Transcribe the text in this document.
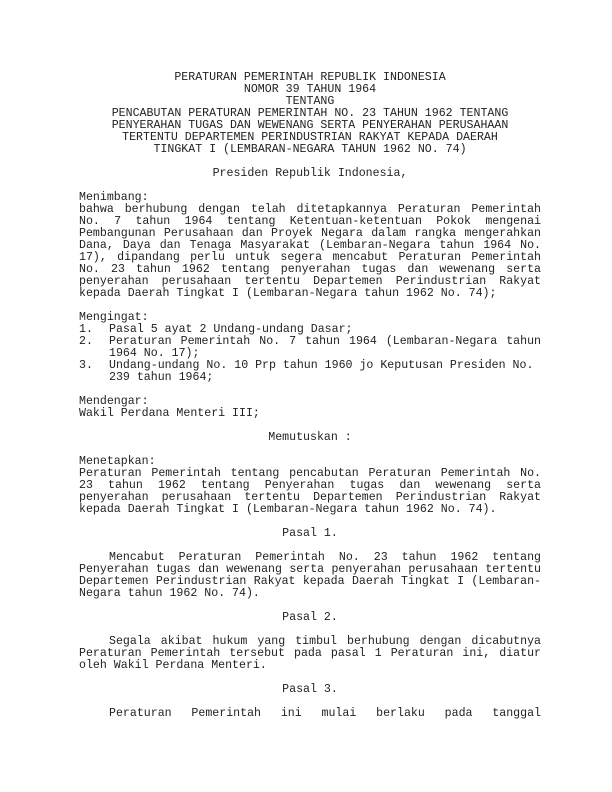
PERATURAN PEMERINTAH REPUBLIK INDONESIA
NOMOR 39 TAHUN 1964
TENTANG
PENCABUTAN PERATURAN PEMERINTAH NO. 23 TAHUN 1962 TENTANG
PENYERAHAN TUGAS DAN WEWENANG SERTA PENYERAHAN PERUSAHAAN
TERTENTU DEPARTEMEN PERINDUSTRIAN RAKYAT KEPADA DAERAH
TINGKAT I (LEMBARAN-NEGARA TAHUN 1962 NO. 74)
Presiden Republik Indonesia,
Menimbang:
bahwa berhubung dengan telah ditetapkannya Peraturan Pemerintah
No. 7 tahun 1964 tentang Ketentuan-ketentuan Pokok mengenai
Pembangunan Perusahaan dan Proyek Negara dalam rangka mengerahkan
Dana, Daya dan Tenaga Masyarakat (Lembaran-Negara tahun 1964 No.
17), dipandang perlu untuk segera mencabut Peraturan Pemerintah
No. 23 tahun 1962 tentang penyerahan tugas dan wewenang serta
penyerahan perusahaan tertentu Departemen Perindustrian Rakyat
kepada Daerah Tingkat I (Lembaran-Negara tahun 1962 No. 74);
Mengingat:
1. Pasal 5 ayat 2 Undang-undang Dasar;
2. Peraturan Pemerintah No. 7 tahun 1964 (Lembaran-Negara tahun
1964 No. 17);
3. Undang-undang No. 10 Prp tahun 1960 jo Keputusan Presiden No.
239 tahun 1964;
Mendengar:
Wakil Perdana Menteri III;
Memutuskan :
Menetapkan:
Peraturan Pemerintah tentang pencabutan Peraturan Pemerintah No.
23 tahun 1962 tentang Penyerahan tugas dan wewenang serta
penyerahan perusahaan tertentu Departemen Perindustrian Rakyat
kepada Daerah Tingkat I (Lembaran-Negara tahun 1962 No. 74).
Pasal 1.
Mencabut Peraturan Pemerintah No. 23 tahun 1962 tentang
Penyerahan tugas dan wewenang serta penyerahan perusahaan tertentu
Departemen Perindustrian Rakyat kepada Daerah Tingkat I (Lembaran-
Negara tahun 1962 No. 74).
Pasal 2.
Segala akibat hukum yang timbul berhubung dengan dicabutnya
Peraturan Pemerintah tersebut pada pasal 1 Peraturan ini, diatur
oleh Wakil Perdana Menteri.
Pasal 3.
Peraturan Pemerintah ini mulai berlaku pada tanggal
